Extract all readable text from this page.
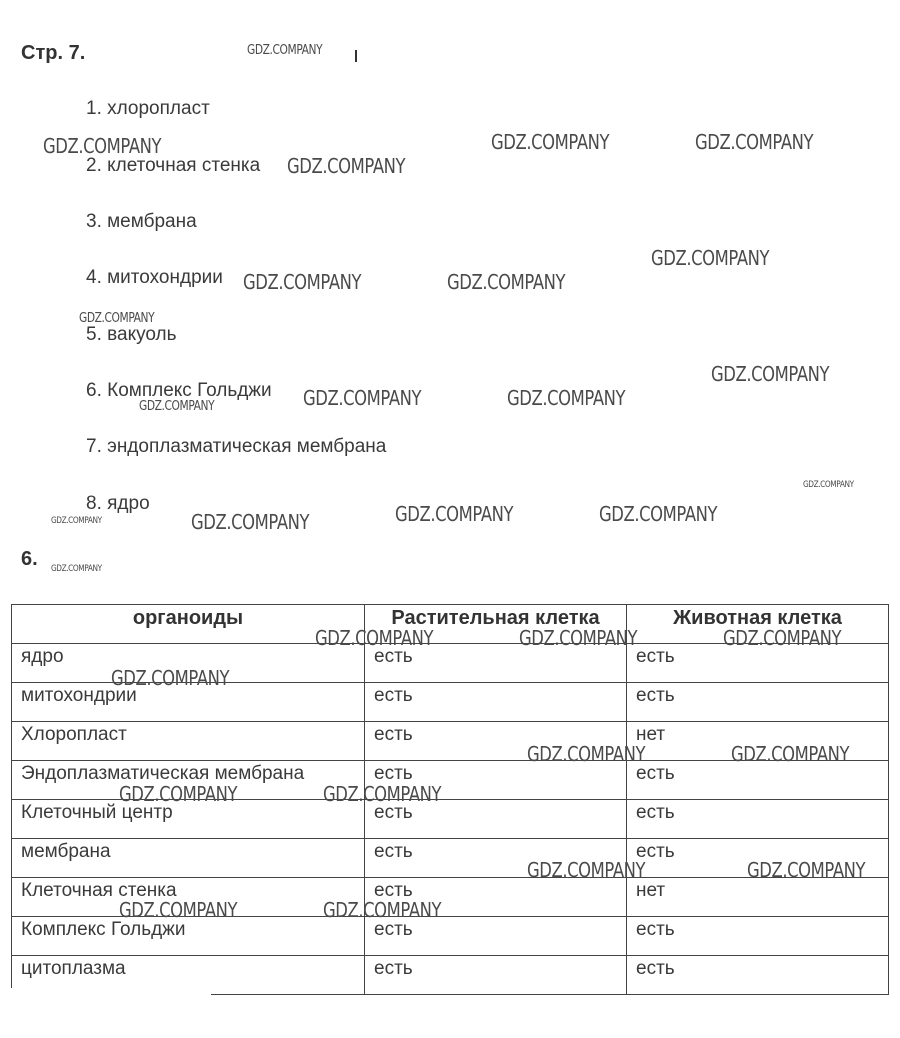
Стр. 7.
1. хлоропласт
2. клеточная стенка
3. мембрана
4. митохондрии
5. вакуоль
6. Комплекс Гольджи
7. эндоплазматическая мембрана
8. ядро
6.
органоиды	Растительная клетка	Животная клетка
ядро	есть	есть
митохондрии	есть	есть
Хлоропласт	есть	нет
Эндоплазматическая мембрана	есть	есть
Клеточный центр	есть	есть
мембрана	есть	есть
Клеточная стенка	есть	нет
Комплекс Гольджи	есть	есть
цитоплазма	есть	есть
GDZ.COMPANY
GDZ.COMPANY	GDZ.COMPANY	GDZ.COMPANY
GDZ.COMPANY
GDZ.COMPANY
GDZ.COMPANY	GDZ.COMPANY
GDZ.COMPANY
GDZ.COMPANY
GDZ.COMPANY	GDZ.COMPANY
GDZ.COMPANY
GDZ.COMPANY
GDZ.COMPANY	GDZ.COMPANY
GDZ.COMPANY
GDZ.COMPANY
GDZ.COMPANY
GDZ.COMPANY	GDZ.COMPANY	GDZ.COMPANY
GDZ.COMPANY
GDZ.COMPANY	GDZ.COMPANY
GDZ.COMPANY	GDZ.COMPANY
GDZ.COMPANY	GDZ.COMPANY
GDZ.COMPANY	GDZ.COMPANY
